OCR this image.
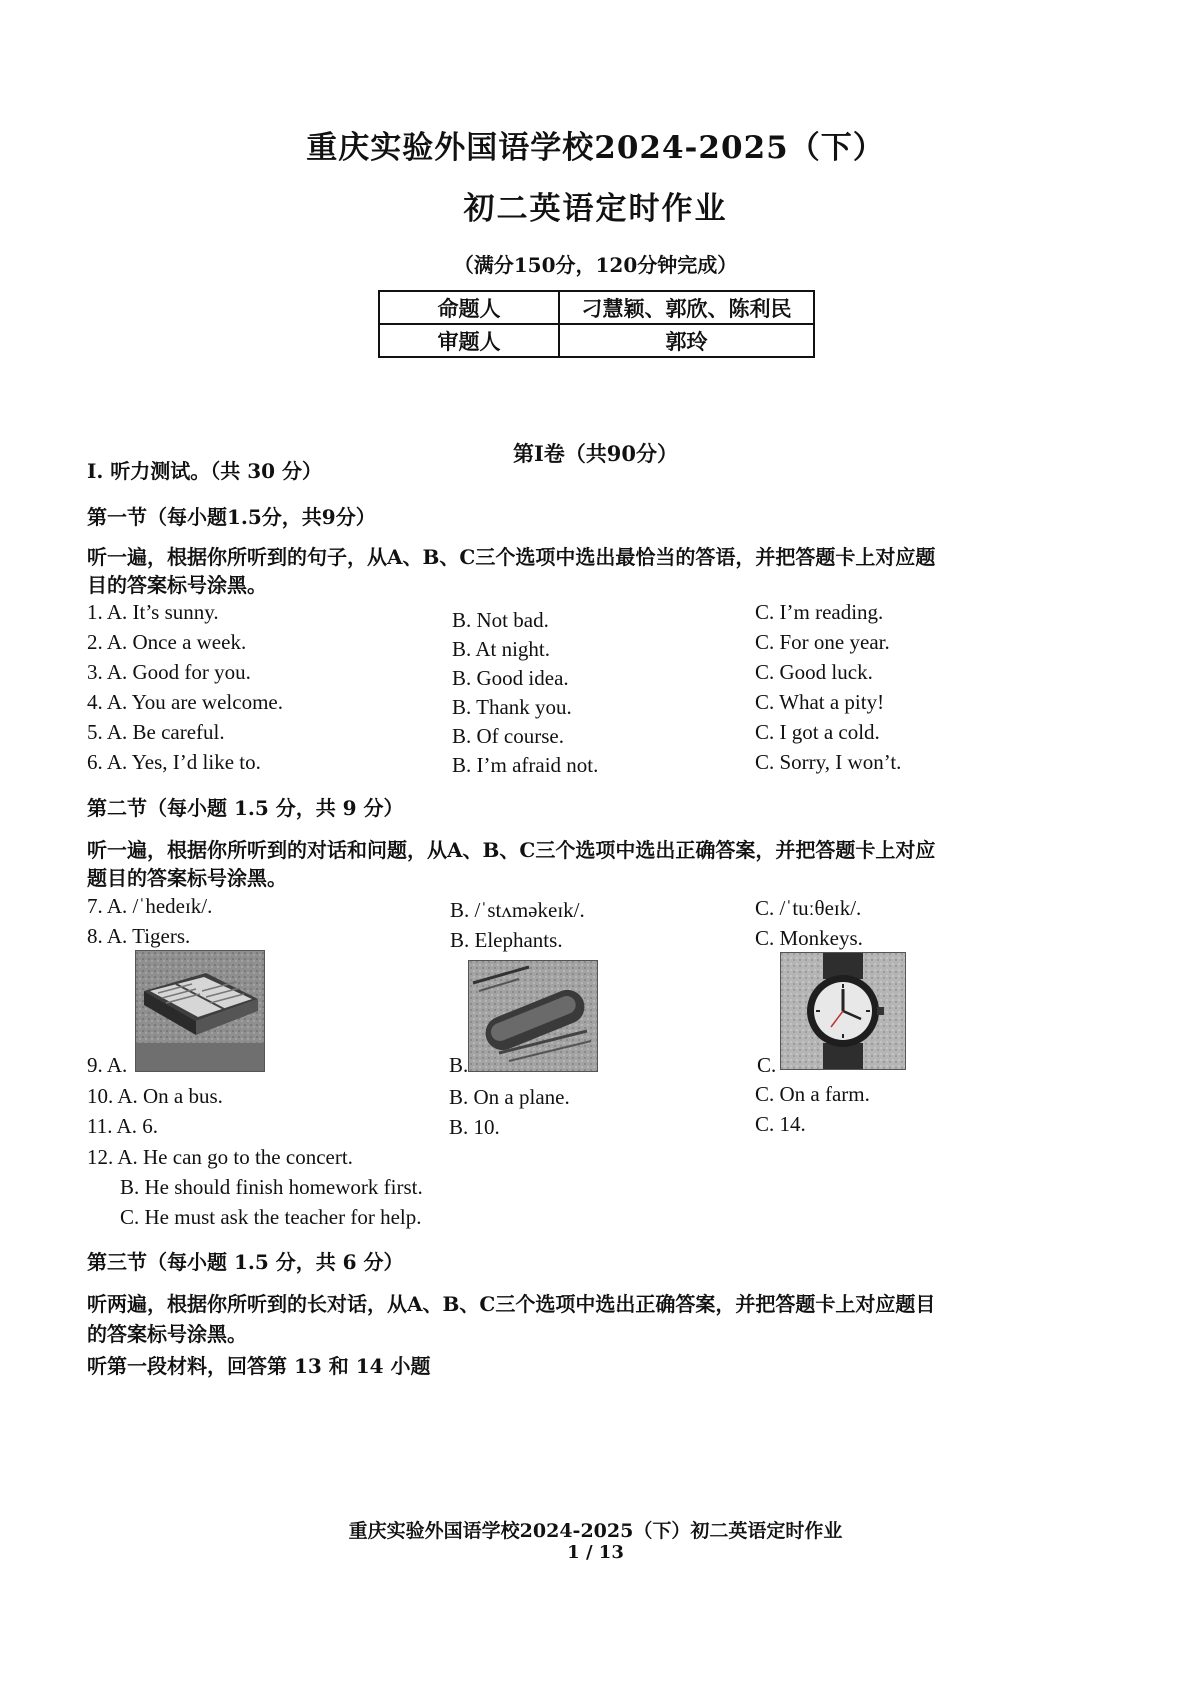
重庆实验外国语学校2024-2025（下）
初二英语定时作业
（满分150分，120分钟完成）
命题人	刁慧颖、郭欣、陈利民
审题人	郭玲
第I卷（共90分）
I. 听力测试。（共 30 分）
第一节（每小题1.5分，共9分）
听一遍，根据你所听到的句子，从A、B、C三个选项中选出最恰当的答语，并把答题卡上对应题
目的答案标号涂黑。
1. A. It’s sunny.	B. Not bad.	C. I’m reading.
2. A. Once a week.	B. At night.	C. For one year.
3. A. Good for you.	B. Good idea.	C. Good luck.
4. A. You are welcome.	B. Thank you.	C. What a pity!
5. A. Be careful.	B. Of course.	C. I got a cold.
6. A. Yes, I’d like to.	B. I’m afraid not.	C. Sorry, I won’t.
第二节（每小题 1.5 分，共 9 分）
听一遍，根据你所听到的对话和问题，从A、B、C三个选项中选出正确答案，并把答题卡上对应
题目的答案标号涂黑。
7. A. /ˈhedeɪk/.	B. /ˈstʌməkeɪk/.	C. /ˈtuːθeɪk/.
8. A. Tigers.	B. Elephants.	C. Monkeys.
9. A.	B.	C.
10. A. On a bus.	B. On a plane.	C. On a farm.
11. A. 6.	B. 10.	C. 14.
12. A. He can go to the concert.
B. He should finish homework first.
C. He must ask the teacher for help.
第三节（每小题 1.5 分，共 6 分）
听两遍，根据你所听到的长对话，从A、B、C三个选项中选出正确答案，并把答题卡上对应题目
的答案标号涂黑。
听第一段材料，回答第 13 和 14 小题
重庆实验外国语学校2024-2025（下）初二英语定时作业
1 / 13
